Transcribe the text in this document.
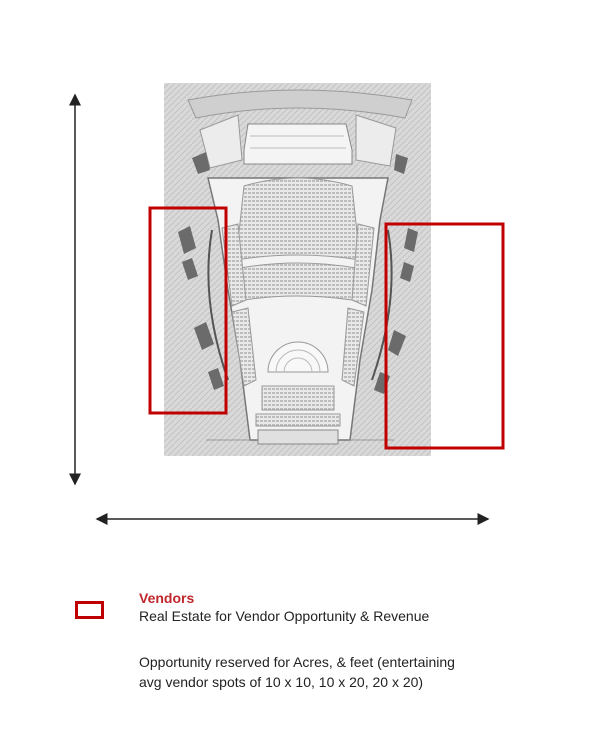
Vendors
Real Estate for Vendor Opportunity & Revenue
Opportunity reserved for Acres, & feet (entertaining
avg vendor spots of 10 x 10, 10 x 20, 20 x 20)
